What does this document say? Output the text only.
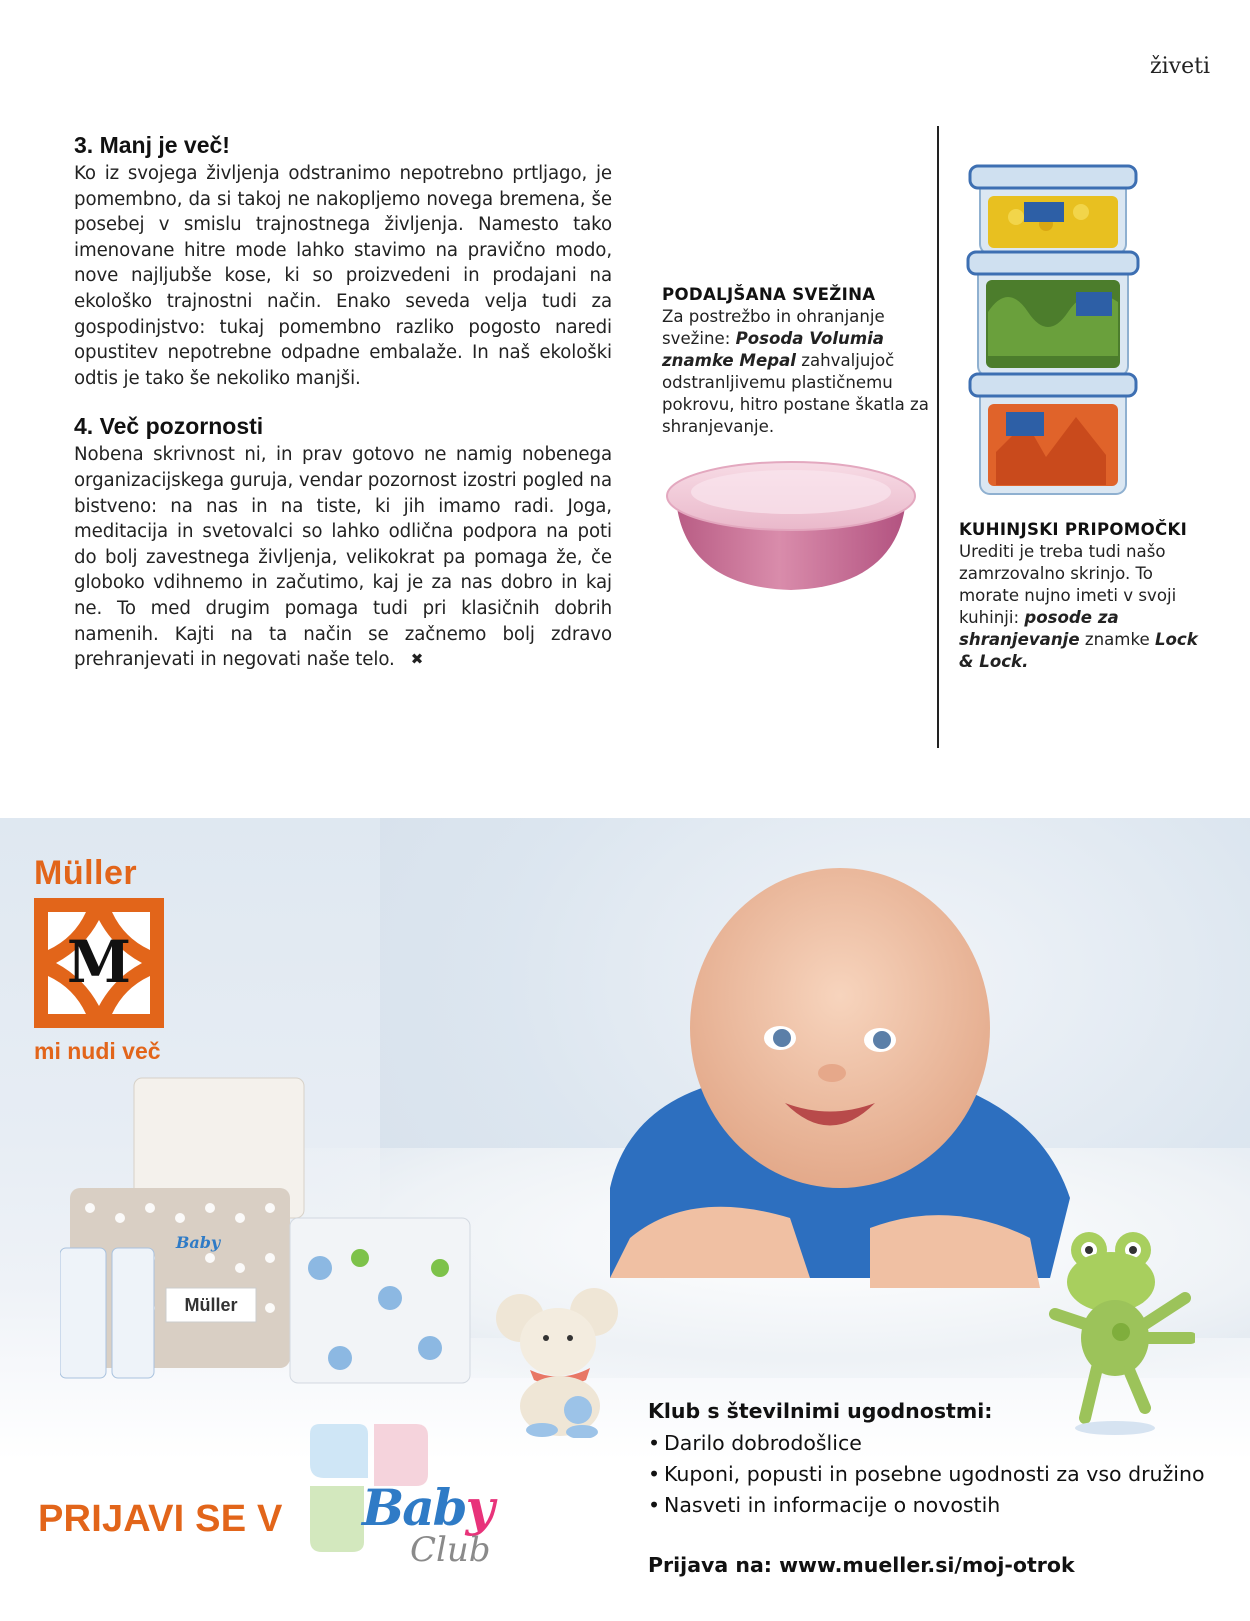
živeti
3. Manj je več!

Ko iz svojega življenja odstranimo nepotrebno prtljago, je pomembno, da si takoj ne nakopljemo novega bremena, še posebej v smislu trajnostnega življenja. Namesto tako imenovane hitre mode lahko stavimo na pravično modo, nove najljubše kose, ki so proizvedeni in prodajani na ekološko trajnostni način. Enako seveda velja tudi za gospodinjstvo: tukaj pomembno razliko pogosto naredi opustitev nepotrebne odpadne embalaže. In naš ekološki odtis je tako še nekoliko manjši.

4. Več pozornosti

Nobena skrivnost ni, in prav gotovo ne namig nobenega organizacijskega guruja, vendar pozornost izostri pogled na bistveno: na nas in na tiste, ki jih imamo radi. Joga, meditacija in svetovalci so lahko odlična podpora na poti do bolj zavestnega življenja, velikokrat pa pomaga že, če globoko vdihnemo in začutimo, kaj je za nas dobro in kaj ne. To med drugim pomaga tudi pri klasičnih dobrih namenih. Kajti na ta način se začnemo bolj zdravo prehranjevati in negovati naše telo. ✖

PODALJŠANA SVEŽINA
Za postrežbo in ohranjanje svežine: Posoda Volumia znamke Mepal zahvaljujoč odstranljivemu plastičnemu pokrovu, hitro postane škatla za shranjevanje.
KUHINJSKI PRIPOMOČKI
Urediti je treba tudi našo zamrzovalno skrinjo. To morate nujno imeti v svoji kuhinji: posode za shranjevanje znamke Lock & Lock.
Müller
M
mi nudi več
Müller
Baby
Klub s številnimi ugodnostmi:
• Darilo dobrodošlice
• Kuponi, popusti in posebne ugodnosti za vso družino
• Nasveti in informacije o novostih
Prijava na: www.mueller.si/moj-otrok
PRIJAVI SE V Baby
Club
